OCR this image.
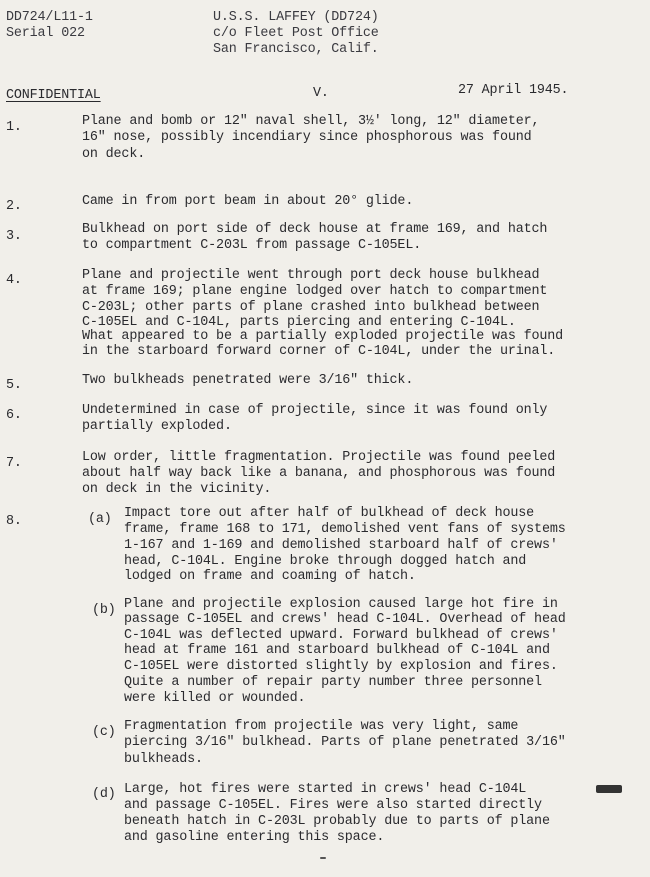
DD724/L11-1

Serial 022

U.S.S. LAFFEY (DD724)

c/o Fleet Post Office

San Francisco, Calif.

CONFIDENTIAL	V.	27 April 1945.

1.	Plane and bomb or 12" naval shell, 3½' long, 12" diameter,

16" nose, possibly incendiary since phosphorous was found

on deck.

2.	Came in from port beam in about 20° glide.

3.	Bulkhead on port side of deck house at frame 169, and hatch

to compartment C-203L from passage C-105EL.

4.	Plane and projectile went through port deck house bulkhead

at frame 169; plane engine lodged over hatch to compartment

C-203L; other parts of plane crashed into bulkhead between

C-105EL and C-104L, parts piercing and entering C-104L.

What appeared to be a partially exploded projectile was found

in the starboard forward corner of C-104L, under the urinal.

5.	Two bulkheads penetrated were 3/16" thick.

6.	Undetermined in case of projectile, since it was found only

partially exploded.

7.	Low order, little fragmentation. Projectile was found peeled

about half way back like a banana, and phosphorous was found

on deck in the vicinity.

8.	(a) Impact tore out after half of bulkhead of deck house

frame, frame 168 to 171, demolished vent fans of systems

1-167 and 1-169 and demolished starboard half of crews'

head, C-104L. Engine broke through dogged hatch and

lodged on frame and coaming of hatch.

(b) Plane and projectile explosion caused large hot fire in

passage C-105EL and crews' head C-104L. Overhead of head

C-104L was deflected upward. Forward bulkhead of crews'

head at frame 161 and starboard bulkhead of C-104L and

C-105EL were distorted slightly by explosion and fires.

Quite a number of repair party number three personnel

were killed or wounded.

(c) Fragmentation from projectile was very light, same

piercing 3/16" bulkhead. Parts of plane penetrated 3/16"

bulkheads.

(d) Large, hot fires were started in crews' head C-104L

and passage C-105EL. Fires were also started directly

beneath hatch in C-203L probably due to parts of plane

and gasoline entering this space.
